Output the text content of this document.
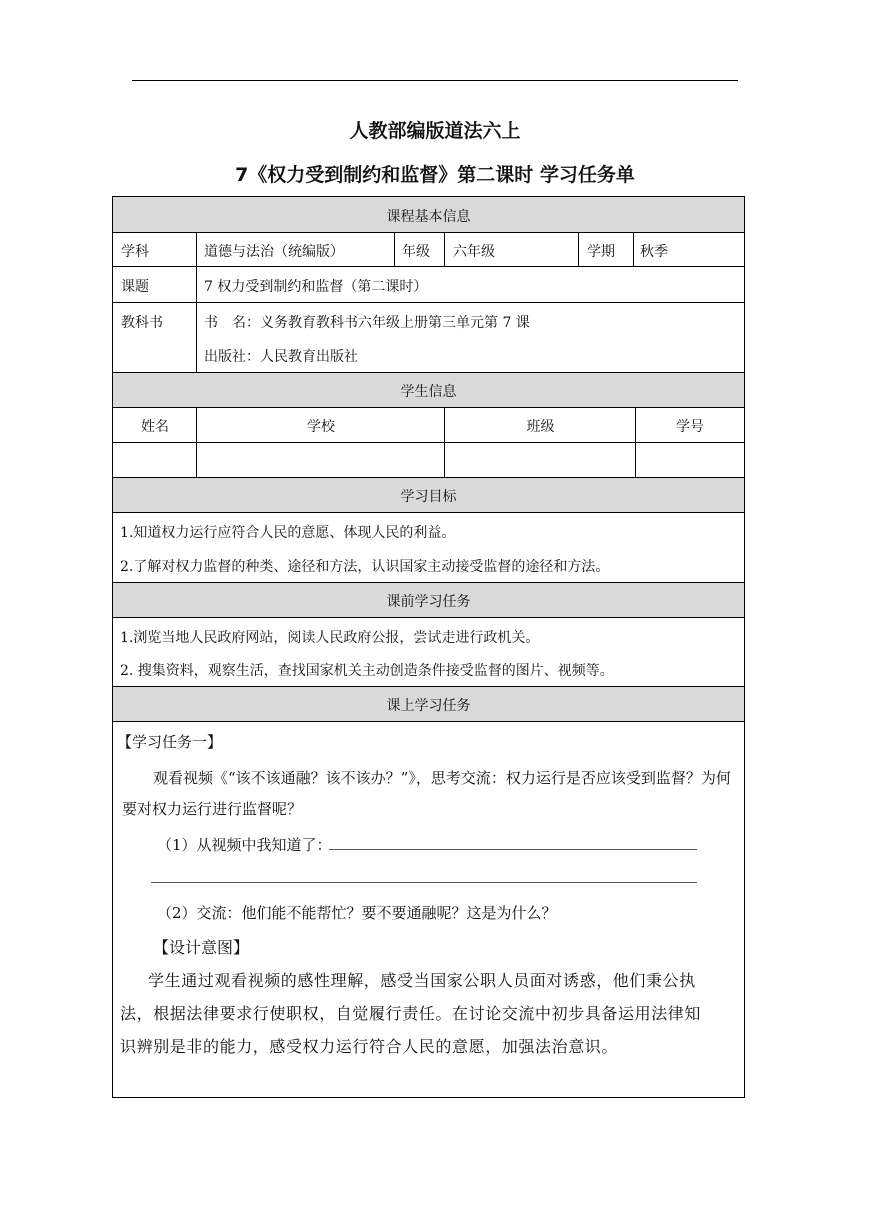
人教部编版道法六上
7《权力受到制约和监督》第二课时 学习任务单
课程基本信息
学科	道德与法治（统编版）	年级 六年级	学期 秋季
课题	7 权力受到制约和监督（第二课时）
教科书	书　名：义务教育教科书六年级上册第三单元第 7 课
出版社：人民教育出版社
学生信息
姓名	学校	班级	学号
学习目标
1.知道权力运行应符合人民的意愿、体现人民的利益。
2.了解对权力监督的种类、途径和方法，认识国家主动接受监督的途径和方法。
课前学习任务
1.浏览当地人民政府网站，阅读人民政府公报，尝试走进行政机关。
2. 搜集资料，观察生活，查找国家机关主动创造条件接受监督的图片、视频等。
课上学习任务
【学习任务一】
观看视频《“该不该通融？该不该办？”》，思考交流：权力运行是否应该受到监督？为何
要对权力运行进行监督呢？
（1）从视频中我知道了：
（2）交流：他们能不能帮忙？要不要通融呢？这是为什么？
【设计意图】
学生通过观看视频的感性理解，感受当国家公职人员面对诱惑，他们秉公执
法，根据法律要求行使职权，自觉履行责任。在讨论交流中初步具备运用法律知
识辨别是非的能力，感受权力运行符合人民的意愿，加强法治意识。
